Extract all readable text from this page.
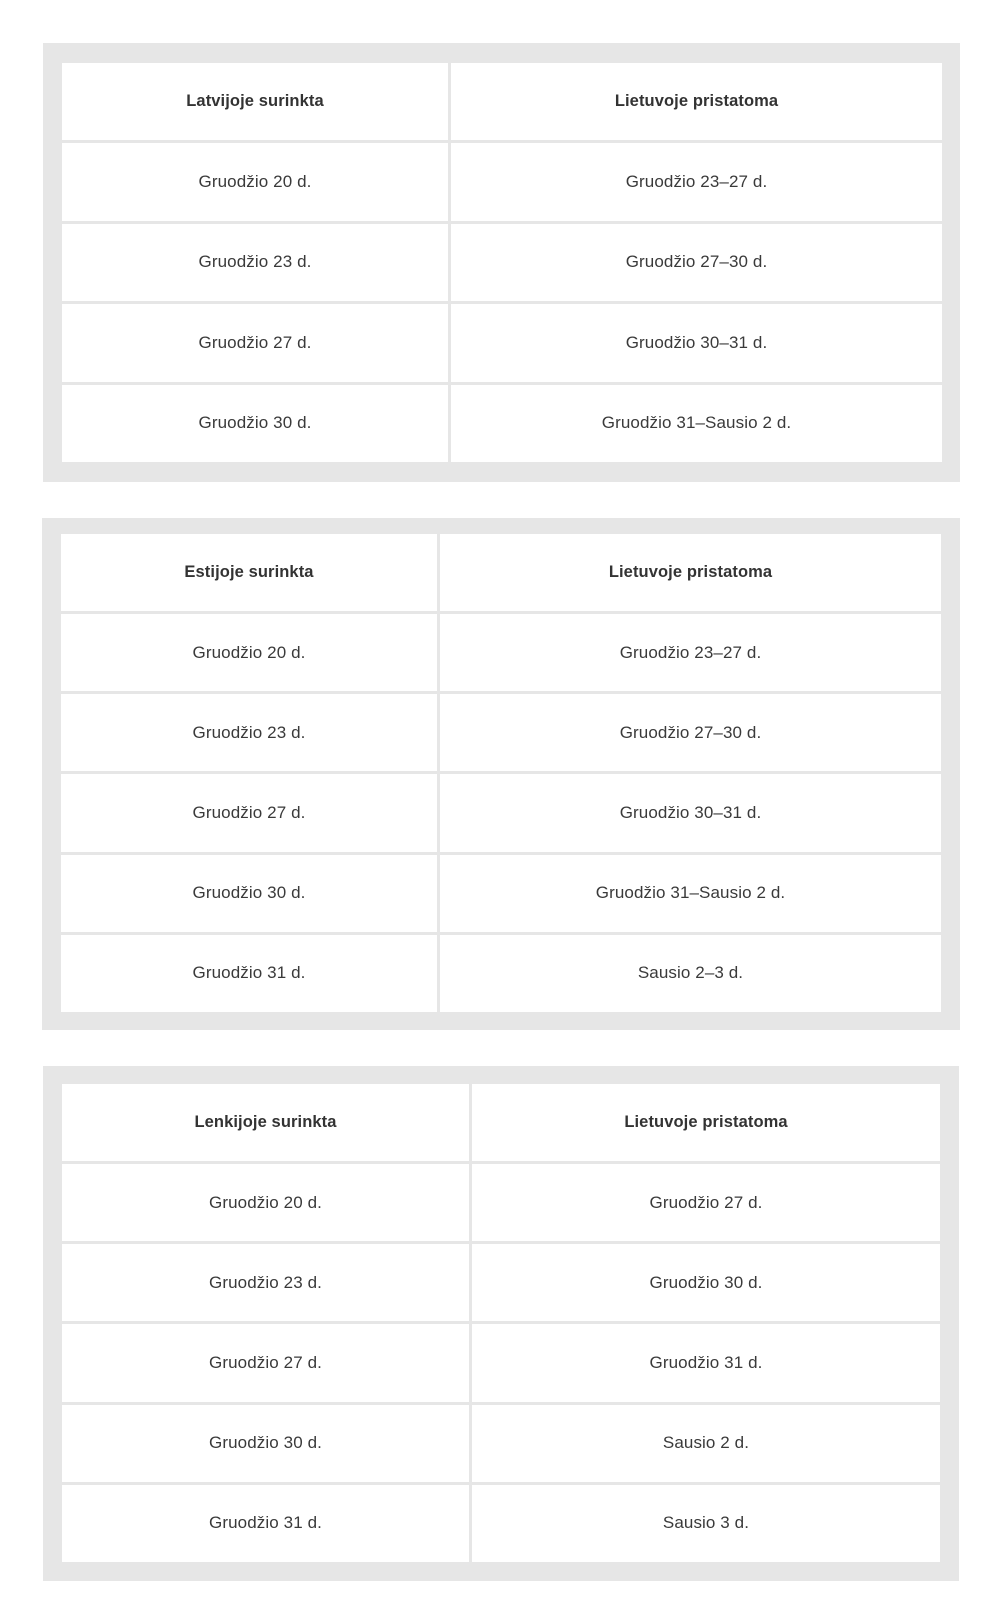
Latvijoje surinkta	Lietuvoje pristatoma
Gruodžio 20 d.	Gruodžio 23–27 d.
Gruodžio 23 d.	Gruodžio 27–30 d.
Gruodžio 27 d.	Gruodžio 30–31 d.
Gruodžio 30 d.	Gruodžio 31–Sausio 2 d.
Estijoje surinkta	Lietuvoje pristatoma
Gruodžio 20 d.	Gruodžio 23–27 d.
Gruodžio 23 d.	Gruodžio 27–30 d.
Gruodžio 27 d.	Gruodžio 30–31 d.
Gruodžio 30 d.	Gruodžio 31–Sausio 2 d.
Gruodžio 31 d.	Sausio 2–3 d.
Lenkijoje surinkta	Lietuvoje pristatoma
Gruodžio 20 d.	Gruodžio 27 d.
Gruodžio 23 d.	Gruodžio 30 d.
Gruodžio 27 d.	Gruodžio 31 d.
Gruodžio 30 d.	Sausio 2 d.
Gruodžio 31 d.	Sausio 3 d.
